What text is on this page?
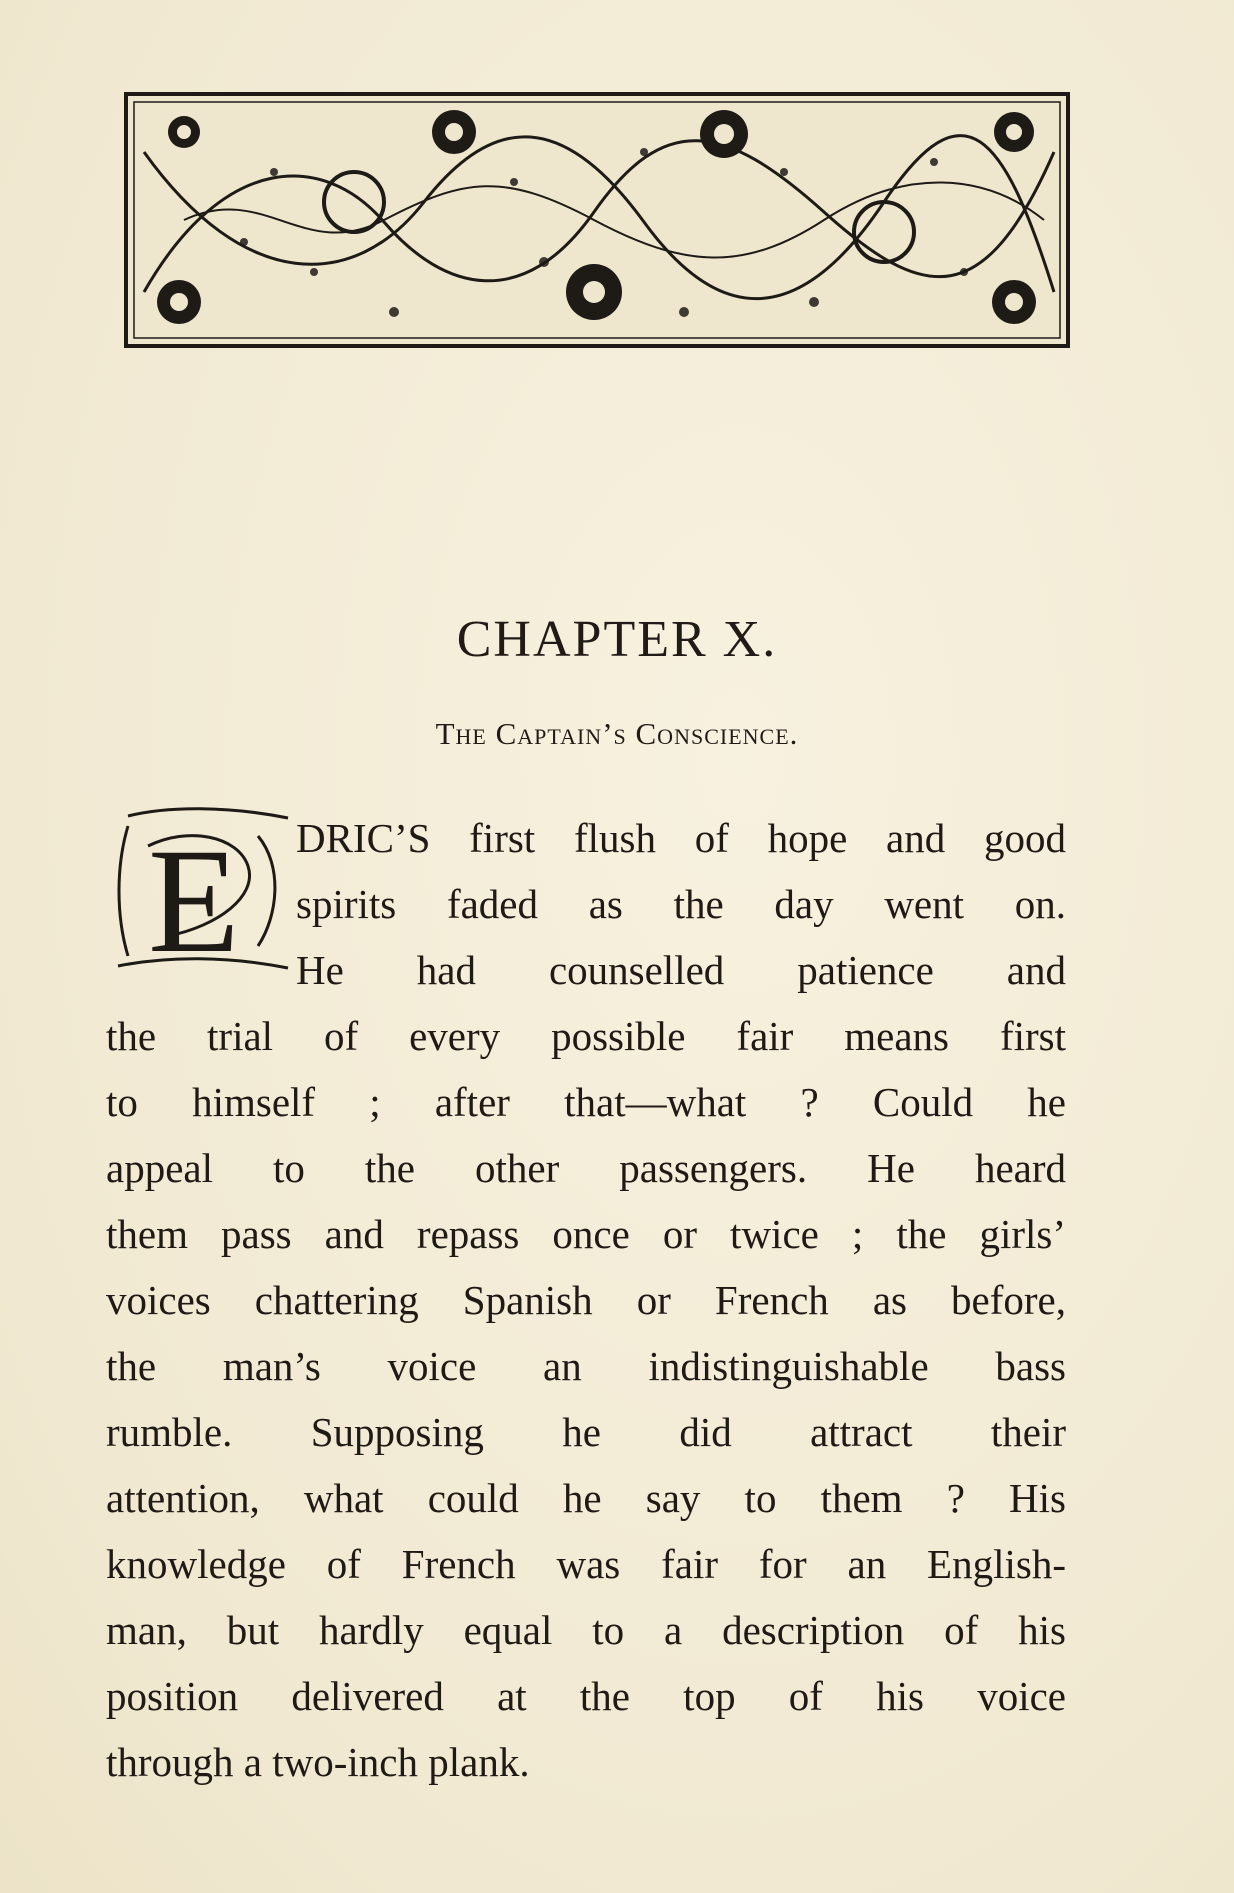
CHAPTER X.
The Captain’s Conscience.
E DRIC’S first flush of hope and good
spirits faded as the day went on.
He had counselled patience and
the trial of every possible fair means first
to himself ; after that—what ? Could he
appeal to the other passengers. He heard
them pass and repass once or twice ; the girls’
voices chattering Spanish or French as before,
the man’s voice an indistinguishable bass
rumble. Supposing he did attract their
attention, what could he say to them ? His
knowledge of French was fair for an English-
man, but hardly equal to a description of his
position delivered at the top of his voice
through a two-inch plank.
